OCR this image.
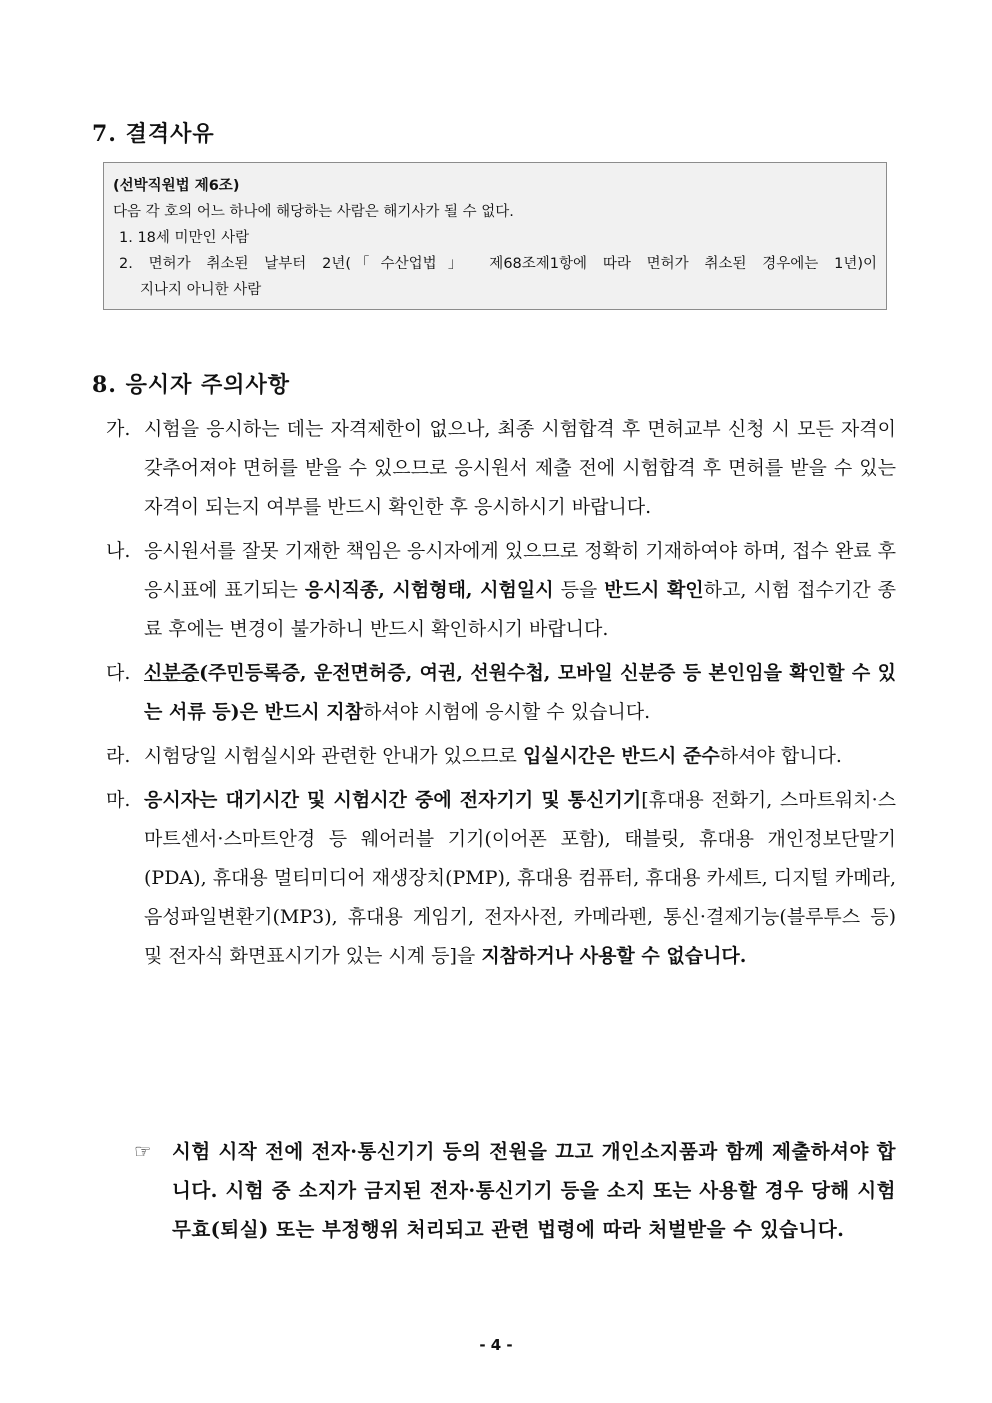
7. 결격사유
(선박직원법 제6조)
다음 각 호의 어느 하나에 해당하는 사람은 해기사가 될 수 없다.
1. 18세 미만인 사람
2. 면허가 취소된 날부터 2년(「수산업법」 제68조제1항에 따라 면허가 취소된 경우에는 1년)이
지나지 아니한 사람
8. 응시자 주의사항
가. 시험을 응시하는 데는 자격제한이 없으나, 최종 시험합격 후 면허교부 신청 시 모든 자격이 갖추어져야 면허를 받을 수 있으므로 응시원서 제출 전에 시험합격 후 면허를 받을 수 있는 자격이 되는지 여부를 반드시 확인한 후 응시하시기 바랍니다.
나. 응시원서를 잘못 기재한 책임은 응시자에게 있으므로 정확히 기재하여야 하며, 접수 완료 후 응시표에 표기되는 응시직종, 시험형태, 시험일시 등을 반드시 확인하고, 시험 접수기간 종료 후에는 변경이 불가하니 반드시 확인하시기 바랍니다.
다. 신분증(주민등록증, 운전면허증, 여권, 선원수첩, 모바일 신분증 등 본인임을 확인할 수 있는 서류 등)은 반드시 지참하셔야 시험에 응시할 수 있습니다.
라. 시험당일 시험실시와 관련한 안내가 있으므로 입실시간은 반드시 준수하셔야 합니다.
마. 응시자는 대기시간 및 시험시간 중에 전자기기 및 통신기기[휴대용 전화기, 스마트워치·스마트센서·스마트안경 등 웨어러블 기기(이어폰 포함), 태블릿, 휴대용 개인정보단말기(PDA), 휴대용 멀티미디어 재생장치(PMP), 휴대용 컴퓨터, 휴대용 카세트, 디지털 카메라, 음성파일변환기(MP3), 휴대용 게임기, 전자사전, 카메라펜, 통신·결제기능(블루투스 등) 및 전자식 화면표시기가 있는 시계 등]을 지참하거나 사용할 수 없습니다.
☞ 시험 시작 전에 전자·통신기기 등의 전원을 끄고 개인소지품과 함께 제출하셔야 합니다. 시험 중 소지가 금지된 전자·통신기기 등을 소지 또는 사용할 경우 당해 시험 무효(퇴실) 또는 부정행위 처리되고 관련 법령에 따라 처벌받을 수 있습니다.
- 4 -
